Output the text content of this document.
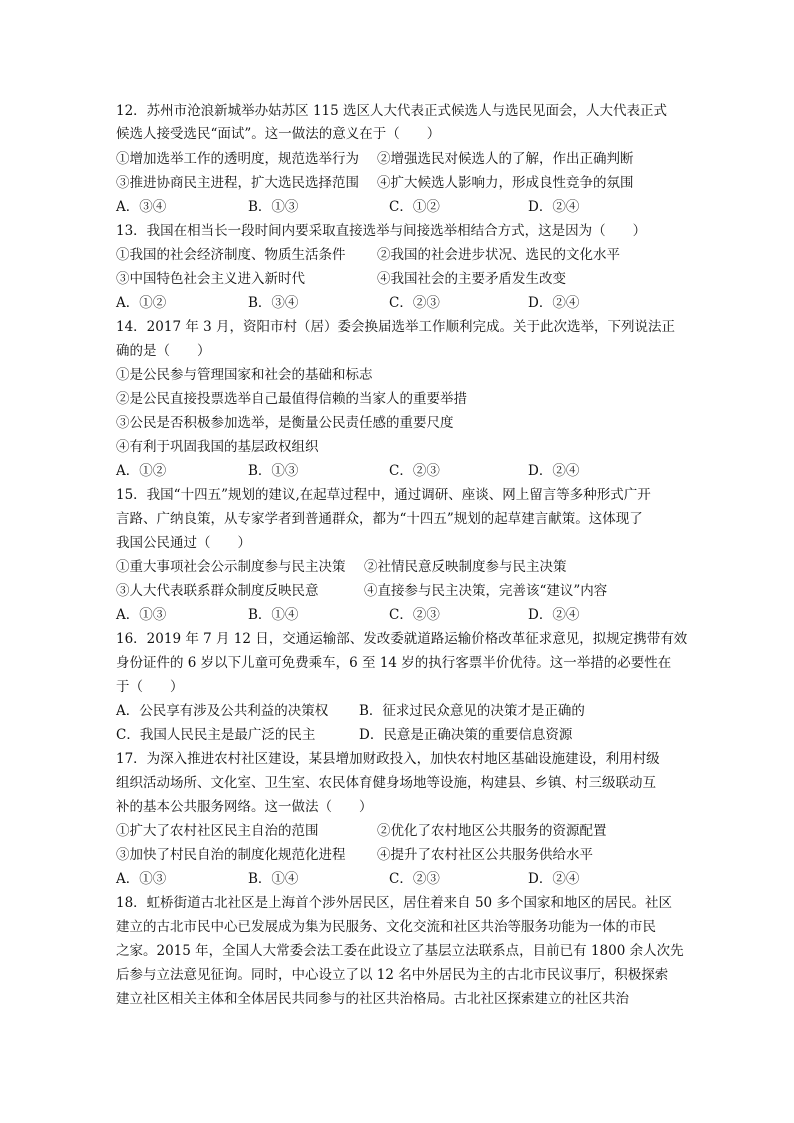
12．苏州市沧浪新城举办姑苏区 115 选区人大代表正式候选人与选民见面会，人大代表正式
候选人接受选民“面试”。这一做法的意义在于（　　）
①增加选举工作的透明度，规范选举行为 ②增强选民对候选人的了解，作出正确判断
③推进协商民主进程，扩大选民选择范围 ④扩大候选人影响力，形成良性竞争的氛围
A．③④	B．①③	C．①②	D．②④
13．我国在相当长一段时间内要采取直接选举与间接选举相结合方式，这是因为（　　）
①我国的社会经济制度、物质生活条件 ②我国的社会进步状况、选民的文化水平
③中国特色社会主义进入新时代	④我国社会的主要矛盾发生改变
A．①②	B．③④	C．②③	D．②④
14．2017 年 3 月，资阳市村（居）委会换届选举工作顺利完成。关于此次选举，下列说法正
确的是（　　）
①是公民参与管理国家和社会的基础和标志
②是公民直接投票选举自己最值得信赖的当家人的重要举措
③公民是否积极参加选举，是衡量公民责任感的重要尺度
④有利于巩固我国的基层政权组织
A．①②	B．①③	C．②③	D．②④
15．我国“十四五”规划的建议,在起草过程中，通过调研、座谈、网上留言等多种形式广开
言路、广纳良策，从专家学者到普通群众，都为“十四五”规划的起草建言献策。这体现了
我国公民通过（　　）
①重大事项社会公示制度参与民主决策 ②社情民意反映制度参与民主决策
③人大代表联系群众制度反映民意	④直接参与民主决策，完善该“建议”内容
A．①③	B．①④	C．②③	D．②④
16．2019 年 7 月 12 日，交通运输部、发改委就道路运输价格改革征求意见，拟规定携带有效
身份证件的 6 岁以下儿童可免费乘车，6 至 14 岁的执行客票半价优待。这一举措的必要性在
于（　　）
A．公民享有涉及公共利益的决策权 B．征求过民众意见的决策才是正确的
C．我国人民民主是最广泛的民主	D．民意是正确决策的重要信息资源
17．为深入推进农村社区建设，某县增加财政投入，加快农村地区基础设施建设，利用村级
组织活动场所、文化室、卫生室、农民体育健身场地等设施，构建县、乡镇、村三级联动互
补的基本公共服务网络。这一做法（　　）
①扩大了农村社区民主自治的范围	②优化了农村地区公共服务的资源配置
③加快了村民自治的制度化规范化进程 ④提升了农村社区公共服务供给水平
A．①③	B．①④	C．②③	D．②④
18．虹桥街道古北社区是上海首个涉外居民区，居住着来自 50 多个国家和地区的居民。社区
建立的古北市民中心已发展成为集为民服务、文化交流和社区共治等服务功能为一体的市民
之家。2015 年，全国人大常委会法工委在此设立了基层立法联系点，目前已有 1800 余人次先
后参与立法意见征询。同时，中心设立了以 12 名中外居民为主的古北市民议事厅，积极探索
建立社区相关主体和全体居民共同参与的社区共治格局。古北社区探索建立的社区共治
